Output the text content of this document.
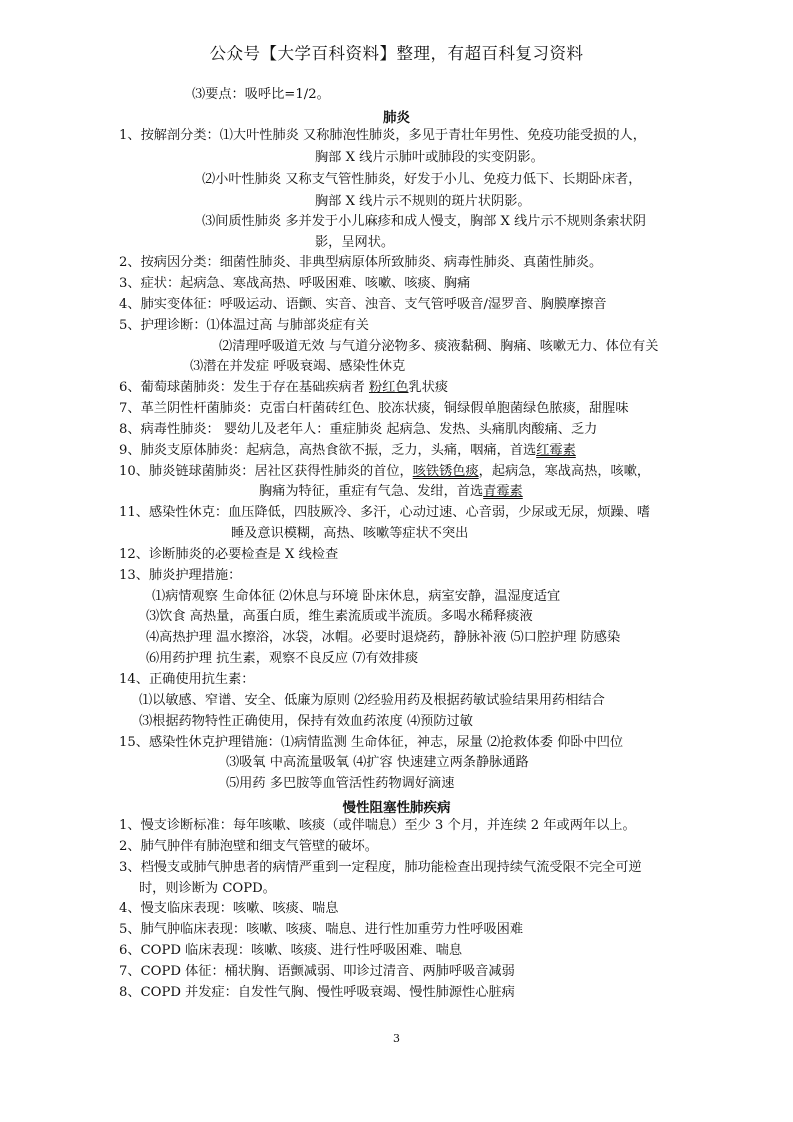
公众号【大学百科资料】整理，有超百科复习资料
⑶要点：吸呼比=1/2。
肺炎
1、按解剖分类：⑴大叶性肺炎 又称肺泡性肺炎，多见于青壮年男性、免疫功能受损的人，
胸部 X 线片示肺叶或肺段的实变阴影。
⑵小叶性肺炎 又称支气管性肺炎，好发于小儿、免疫力低下、长期卧床者，
胸部 X 线片示不规则的斑片状阴影。
⑶间质性肺炎 多并发于小儿麻疹和成人慢支，胸部 X 线片示不规则条索状阴
影，呈网状。
2、按病因分类：细菌性肺炎、非典型病原体所致肺炎、病毒性肺炎、真菌性肺炎。
3、症状：起病急、寒战高热、呼吸困难、咳嗽、咳痰、胸痛
4、肺实变体征：呼吸运动、语颤、实音、浊音、支气管呼吸音/湿罗音、胸膜摩擦音
5、护理诊断：⑴体温过高 与肺部炎症有关
⑵清理呼吸道无效 与气道分泌物多、痰液黏稠、胸痛、咳嗽无力、体位有关
⑶潜在并发症 呼吸衰竭、感染性休克
6、葡萄球菌肺炎：发生于存在基础疾病者 粉红色乳状痰
7、革兰阴性杆菌肺炎：克雷白杆菌砖红色、胶冻状痰，铜绿假单胞菌绿色脓痰，甜腥味
8、病毒性肺炎： 婴幼儿及老年人：重症肺炎 起病急、发热、头痛肌肉酸痛、乏力
9、肺炎支原体肺炎：起病急，高热食欲不振，乏力，头痛，咽痛，首选红霉素
10、肺炎链球菌肺炎：居社区获得性肺炎的首位，咳铁锈色痰，起病急，寒战高热，咳嗽，
胸痛为特征，重症有气急、发绀，首选青霉素
11、感染性休克：血压降低，四肢厥冷、多汗，心动过速、心音弱，少尿或无尿，烦躁、嗜
睡及意识模糊，高热、咳嗽等症状不突出
12、诊断肺炎的必要检查是 X 线检查
13、肺炎护理措施：
⑴病情观察 生命体征 ⑵休息与环境 卧床休息，病室安静，温湿度适宜
⑶饮食 高热量，高蛋白质，维生素流质或半流质。多喝水稀释痰液
⑷高热护理 温水擦浴，冰袋，冰帽。必要时退烧药，静脉补液 ⑸口腔护理 防感染
⑹用药护理 抗生素，观察不良反应 ⑺有效排痰
14、正确使用抗生素：
⑴以敏感、窄谱、安全、低廉为原则 ⑵经验用药及根据药敏试验结果用药相结合
⑶根据药物特性正确使用，保持有效血药浓度 ⑷预防过敏
15、感染性休克护理错施：⑴病情监测 生命体征，神志，尿量 ⑵抢救体委 仰卧中凹位
⑶吸氧 中高流量吸氧 ⑷扩容 快速建立两条静脉通路
⑸用药 多巴胺等血管活性药物调好滴速
慢性阻塞性肺疾病
1、慢支诊断标准：每年咳嗽、咳痰（或伴喘息）至少 3 个月，并连续 2 年或两年以上。
2、肺气肿伴有肺泡壁和细支气管壁的破坏。
3、档慢支或肺气肿患者的病情严重到一定程度，肺功能检查出现持续气流受限不完全可逆
时，则诊断为 COPD。
4、慢支临床表现：咳嗽、咳痰、喘息
5、肺气肿临床表现：咳嗽、咳痰、喘息、进行性加重劳力性呼吸困难
6、COPD 临床表现：咳嗽、咳痰、进行性呼吸困难、喘息
7、COPD 体征：桶状胸、语颤减弱、叩诊过清音、两肺呼吸音减弱
8、COPD 并发症：自发性气胸、慢性呼吸衰竭、慢性肺源性心脏病
3
